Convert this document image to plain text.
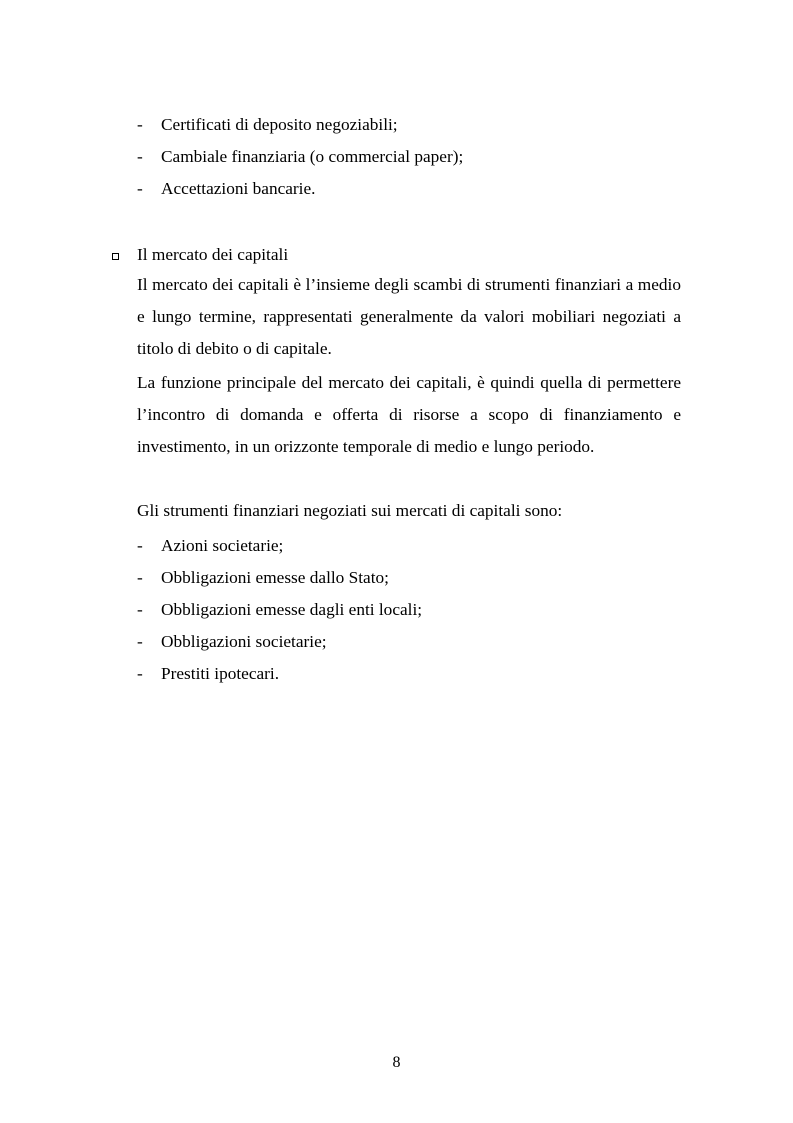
- Certificati di deposito negoziabili;
- Cambiale finanziaria (o commercial paper);
- Accettazioni bancarie.
Il mercato dei capitali

Il mercato dei capitali è l’insieme degli scambi di strumenti finanziari a medio e lungo termine, rappresentati generalmente da valori mobiliari negoziati a titolo di debito o di capitale.

La funzione principale del mercato dei capitali, è quindi quella di permettere l’incontro di domanda e offerta di risorse a scopo di finanziamento e investimento, in un orizzonte temporale di medio e lungo periodo.

Gli strumenti finanziari negoziati sui mercati di capitali sono:

- Azioni societarie;
- Obbligazioni emesse dallo Stato;
- Obbligazioni emesse dagli enti locali;
- Obbligazioni societarie;
- Prestiti ipotecari.
8
